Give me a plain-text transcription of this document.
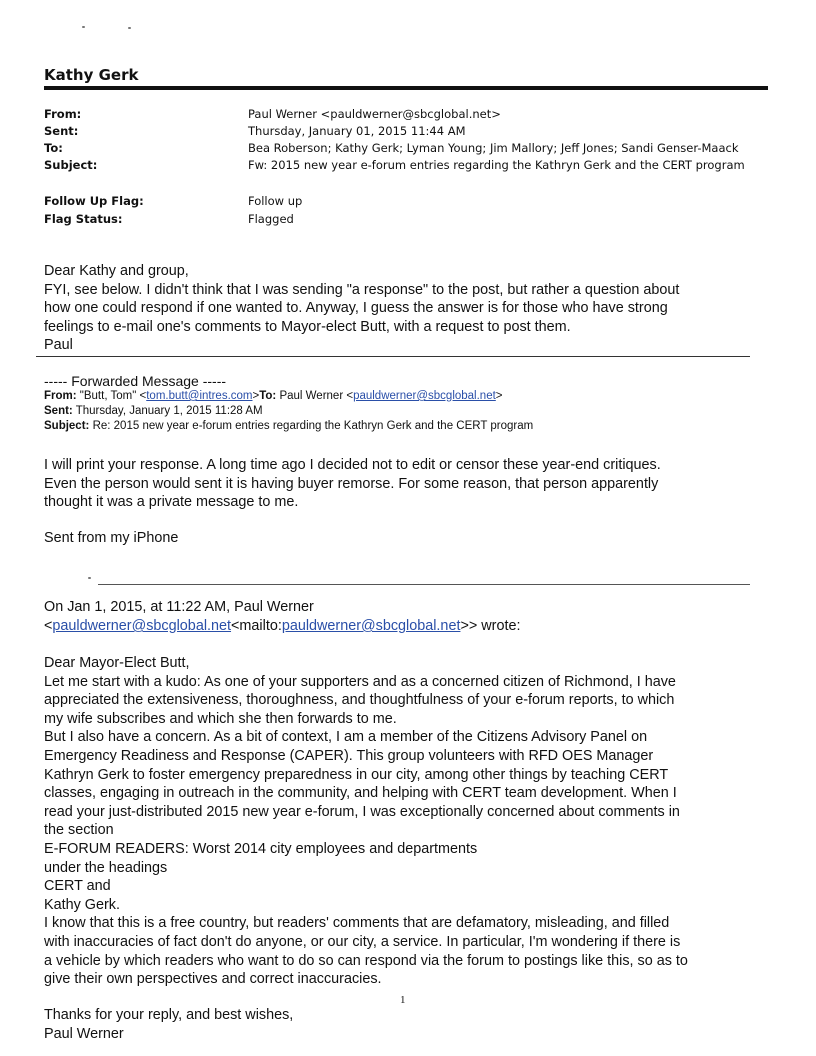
Kathy Gerk
From:	Paul Werner <pauldwerner@sbcglobal.net>
Sent:	Thursday, January 01, 2015 11:44 AM
To:	Bea Roberson; Kathy Gerk; Lyman Young; Jim Mallory; Jeff Jones; Sandi Genser-Maack
Subject:	Fw: 2015 new year e-forum entries regarding the Kathryn Gerk and the CERT program
Follow Up Flag:	Follow up
Flag Status:	Flagged
Dear Kathy and group,
FYI, see below. I didn't think that I was sending "a response" to the post, but rather a question about
how one could respond if one wanted to. Anyway, I guess the answer is for those who have strong
feelings to e-mail one's comments to Mayor-elect Butt, with a request to post them.
Paul
----- Forwarded Message -----
From: "Butt, Tom" <tom.butt@intres.com>To: Paul Werner <pauldwerner@sbcglobal.net>
Sent: Thursday, January 1, 2015 11:28 AM
Subject: Re: 2015 new year e-forum entries regarding the Kathryn Gerk and the CERT program
I will print your response. A long time ago I decided not to edit or censor these year-end critiques.
Even the person would sent it is having buyer remorse. For some reason, that person apparently
thought it was a private message to me.
Sent from my iPhone
On Jan 1, 2015, at 11:22 AM, Paul Werner
<pauldwerner@sbcglobal.net<mailto:pauldwerner@sbcglobal.net>> wrote:
Dear Mayor-Elect Butt,
Let me start with a kudo: As one of your supporters and as a concerned citizen of Richmond, I have
appreciated the extensiveness, thoroughness, and thoughtfulness of your e-forum reports, to which
my wife subscribes and which she then forwards to me.
But I also have a concern. As a bit of context, I am a member of the Citizens Advisory Panel on
Emergency Readiness and Response (CAPER). This group volunteers with RFD OES Manager
Kathryn Gerk to foster emergency preparedness in our city, among other things by teaching CERT
classes, engaging in outreach in the community, and helping with CERT team development. When I
read your just-distributed 2015 new year e-forum, I was exceptionally concerned about comments in
the section
E-FORUM READERS: Worst 2014 city employees and departments
under the headings
CERT and
Kathy Gerk.
I know that this is a free country, but readers' comments that are defamatory, misleading, and filled
with inaccuracies of fact don't do anyone, or our city, a service. In particular, I'm wondering if there is
a vehicle by which readers who want to do so can respond via the forum to postings like this, so as to
give their own perspectives and correct inaccuracies.
1
Thanks for your reply, and best wishes,
Paul Werner
